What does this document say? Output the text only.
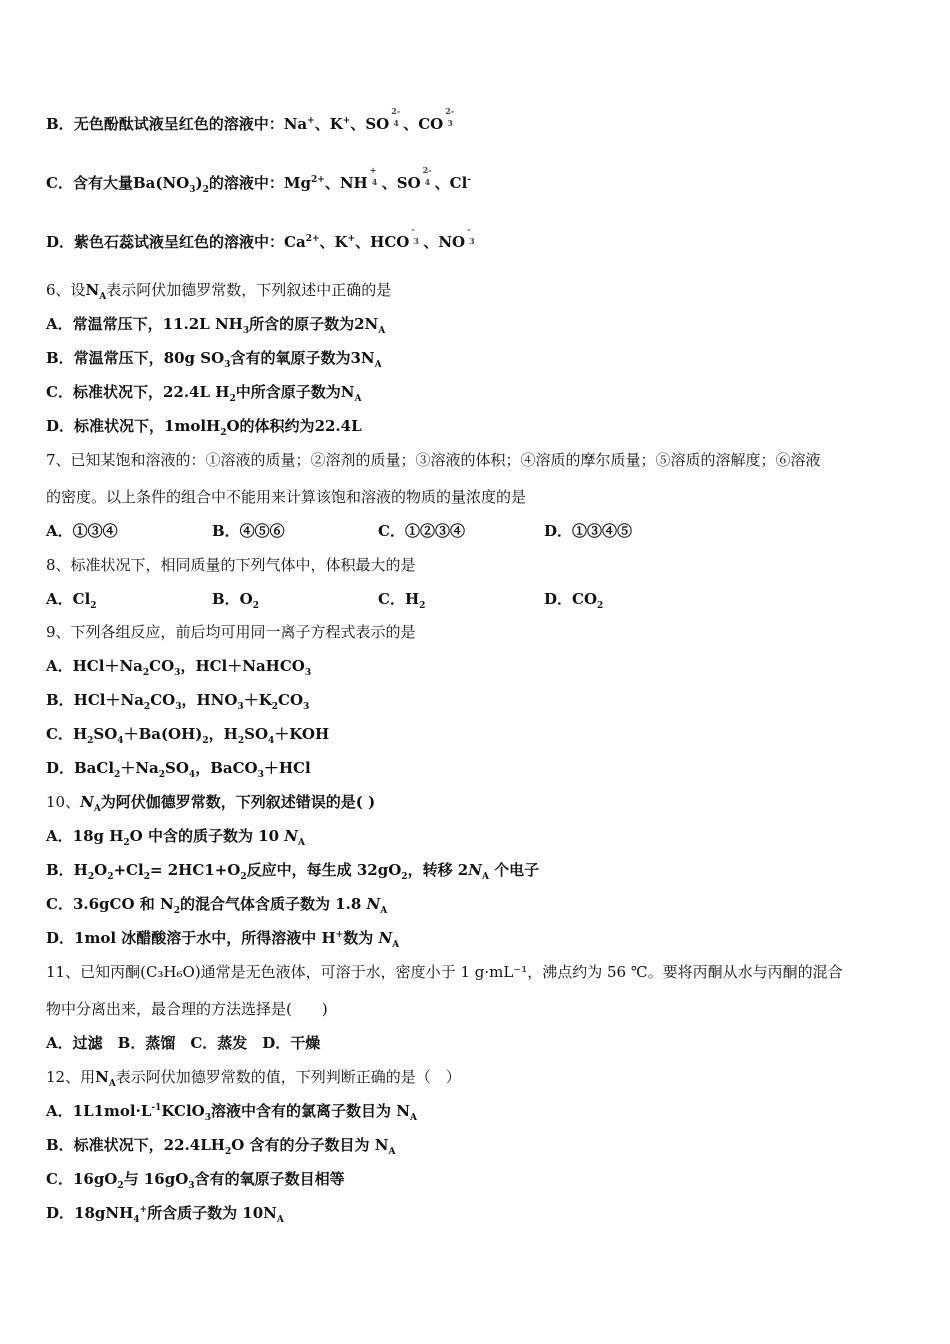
B．无色酚酞试液呈红色的溶液中：Na+、K+、SO
2-
4 、CO
2-
3
C．含有大量$Ba(NO_3)_2$的溶液中：$Mg^{2+}$、NH
+
4 、SO
2-
4 、Cl-
D．紫色石蕊试液呈红色的溶液中：$Ca^{2+}$、K+、HCO
-
3 、NO
-
3
6、设$N_A$表示阿伏加德罗常数，下列叙述中正确的是
A．常温常压下，11.2L $NH_3$所含的原子数为$2N_A$
B．常温常压下，80g $SO_3$含有的氧原子数为$3N_A$
C．标准状况下，22.4L $H_2$中所含原子数为$N_A$
D．标准状况下，1molH$_2$O的体积约为22.4L
7、已知某饱和溶液的：①溶液的质量；②溶剂的质量；③溶液的体积；④溶质的摩尔质量；⑤溶质的溶解度；⑥溶液
的密度。以上条件的组合中不能用来计算该饱和溶液的物质的量浓度的是
A．①③④	B．④⑤⑥	C．①②③④	D．①③④⑤
8、标准状况下，相同质量的下列气体中，体积最大的是
A．$Cl_2$	B．$O_2$	C．$H_2$	D．$CO_2$
9、下列各组反应，前后均可用同一离子方程式表示的是
A．$HCl+Na_2CO_3$，HCl＋NaHCO$_3$
B．$HCl+Na_2CO_3$，$HNO_3+K_2CO_3$
C．$H_2SO_4+Ba(OH)_2$，$H_2SO_4+KOH$
D．$BaCl_2+Na_2SO_4$，BaCO$_3$＋HCl
10、$N_A$为阿伏伽德罗常数，下列叙述错误的是( )
A．18g $H_2O$ 中含的质子数为 10 $N_A$
B．$H_2O_2+Cl_2= 2HC1+O_2$反应中，每生成 $32gO_2$，转移 $2N_A$ 个电子
C．3.6gCO 和 $N_2$的混合气体含质子数为 1.8 $N_A$
D．1mol 冰醋酸溶于水中，所得溶液中 H+数为 $N_A$
11、已知丙酮(C₃H₆O)通常是无色液体，可溶于水，密度小于 1 g·mL⁻¹，沸点约为 56 ℃。要将丙酮从水与丙酮的混合
物中分离出来，最合理的方法选择是(　　)
A．过滤　B．蒸馏　C．蒸发　D．干燥
12、用$N_A$表示阿伏加德罗常数的值，下列判断正确的是（　）
A．$1L1mol\cdot L^{-1}KClO_3$溶液中含有的氯离子数目为 $N_A$
B．标准状况下，$22.4LH_2O$ 含有的分子数目为 $N_A$
C．$16gO_2$与 $16gO_3$含有的氧原子数目相等
D．18gNH$_4$+所含质子数为 $10N_A$
